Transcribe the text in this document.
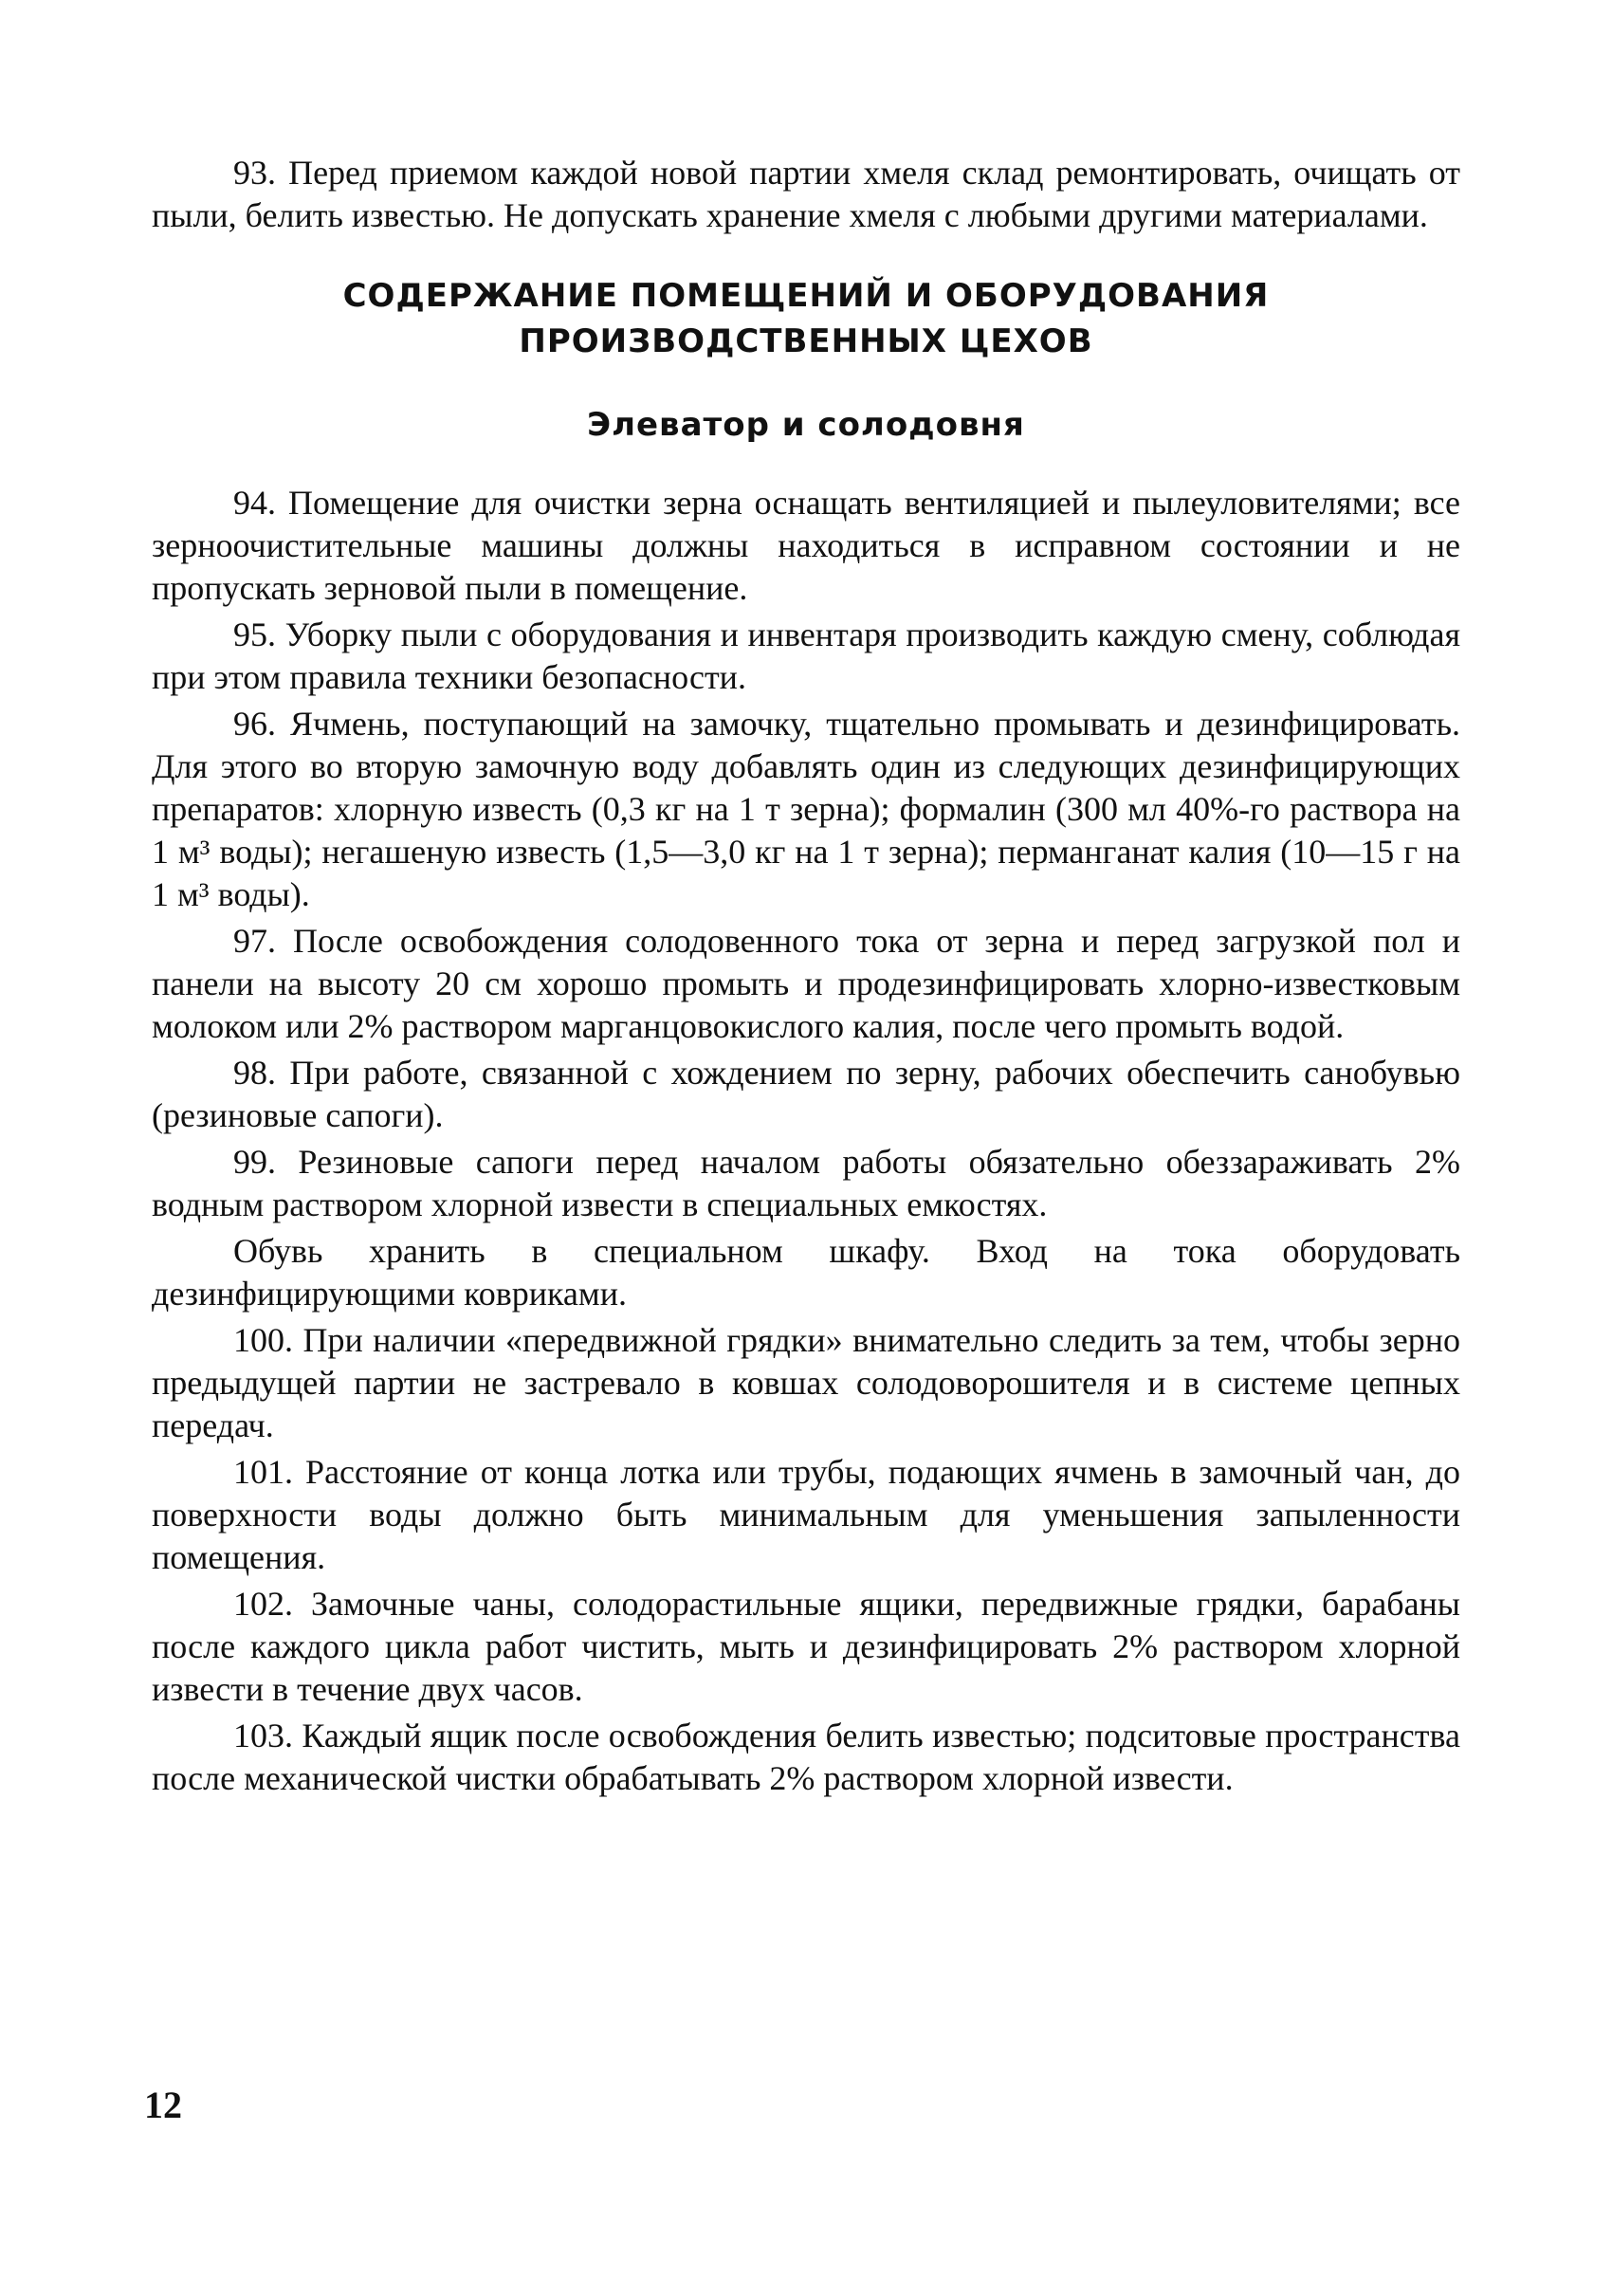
93. Перед приемом каждой новой партии хмеля склад ремонтировать, очищать от пыли, белить известью. Не допускать хранение хмеля с любыми другими материалами.

СОДЕРЖАНИЕ ПОМЕЩЕНИЙ И ОБОРУДОВАНИЯ
ПРОИЗВОДСТВЕННЫХ ЦЕХОВ
Элеватор и солодовня

94. Помещение для очистки зерна оснащать вентиляцией и пылеуловителями; все зерноочистительные машины должны находиться в исправном состоянии и не пропускать зерновой пыли в помещение.

95. Уборку пыли с оборудования и инвентаря производить каждую смену, соблюдая при этом правила техники безопасности.

96. Ячмень, поступающий на замочку, тщательно промывать и дезинфицировать. Для этого во вторую замочную воду добавлять один из следующих дезинфицирующих препаратов: хлорную известь (0,3 кг на 1 т зерна); формалин (300 мл 40%-го раствора на 1 м³ воды); негашеную известь (1,5—3,0 кг на 1 т зерна); перманганат калия (10—15 г на 1 м³ воды).

97. После освобождения солодовенного тока от зерна и перед загрузкой пол и панели на высоту 20 см хорошо промыть и продезинфицировать хлорно-известковым молоком или 2% раствором марганцовокислого калия, после чего промыть водой.

98. При работе, связанной с хождением по зерну, рабочих обеспечить санобувью (резиновые сапоги).

99. Резиновые сапоги перед началом работы обязательно обеззараживать 2% водным раствором хлорной извести в специальных емкостях.

Обувь хранить в специальном шкафу. Вход на тока оборудовать дезинфицирующими ковриками.

100. При наличии «передвижной грядки» внимательно следить за тем, чтобы зерно предыдущей партии не застревало в ковшах солодоворошителя и в системе цепных передач.

101. Расстояние от конца лотка или трубы, подающих ячмень в замочный чан, до поверхности воды должно быть минимальным для уменьшения запыленности помещения.

102. Замочные чаны, солодорастильные ящики, передвижные грядки, барабаны после каждого цикла работ чистить, мыть и дезинфицировать 2% раствором хлорной извести в течение двух часов.

103. Каждый ящик после освобождения белить известью; подситовые пространства после механической чистки обрабатывать 2% раствором хлорной извести.

12
